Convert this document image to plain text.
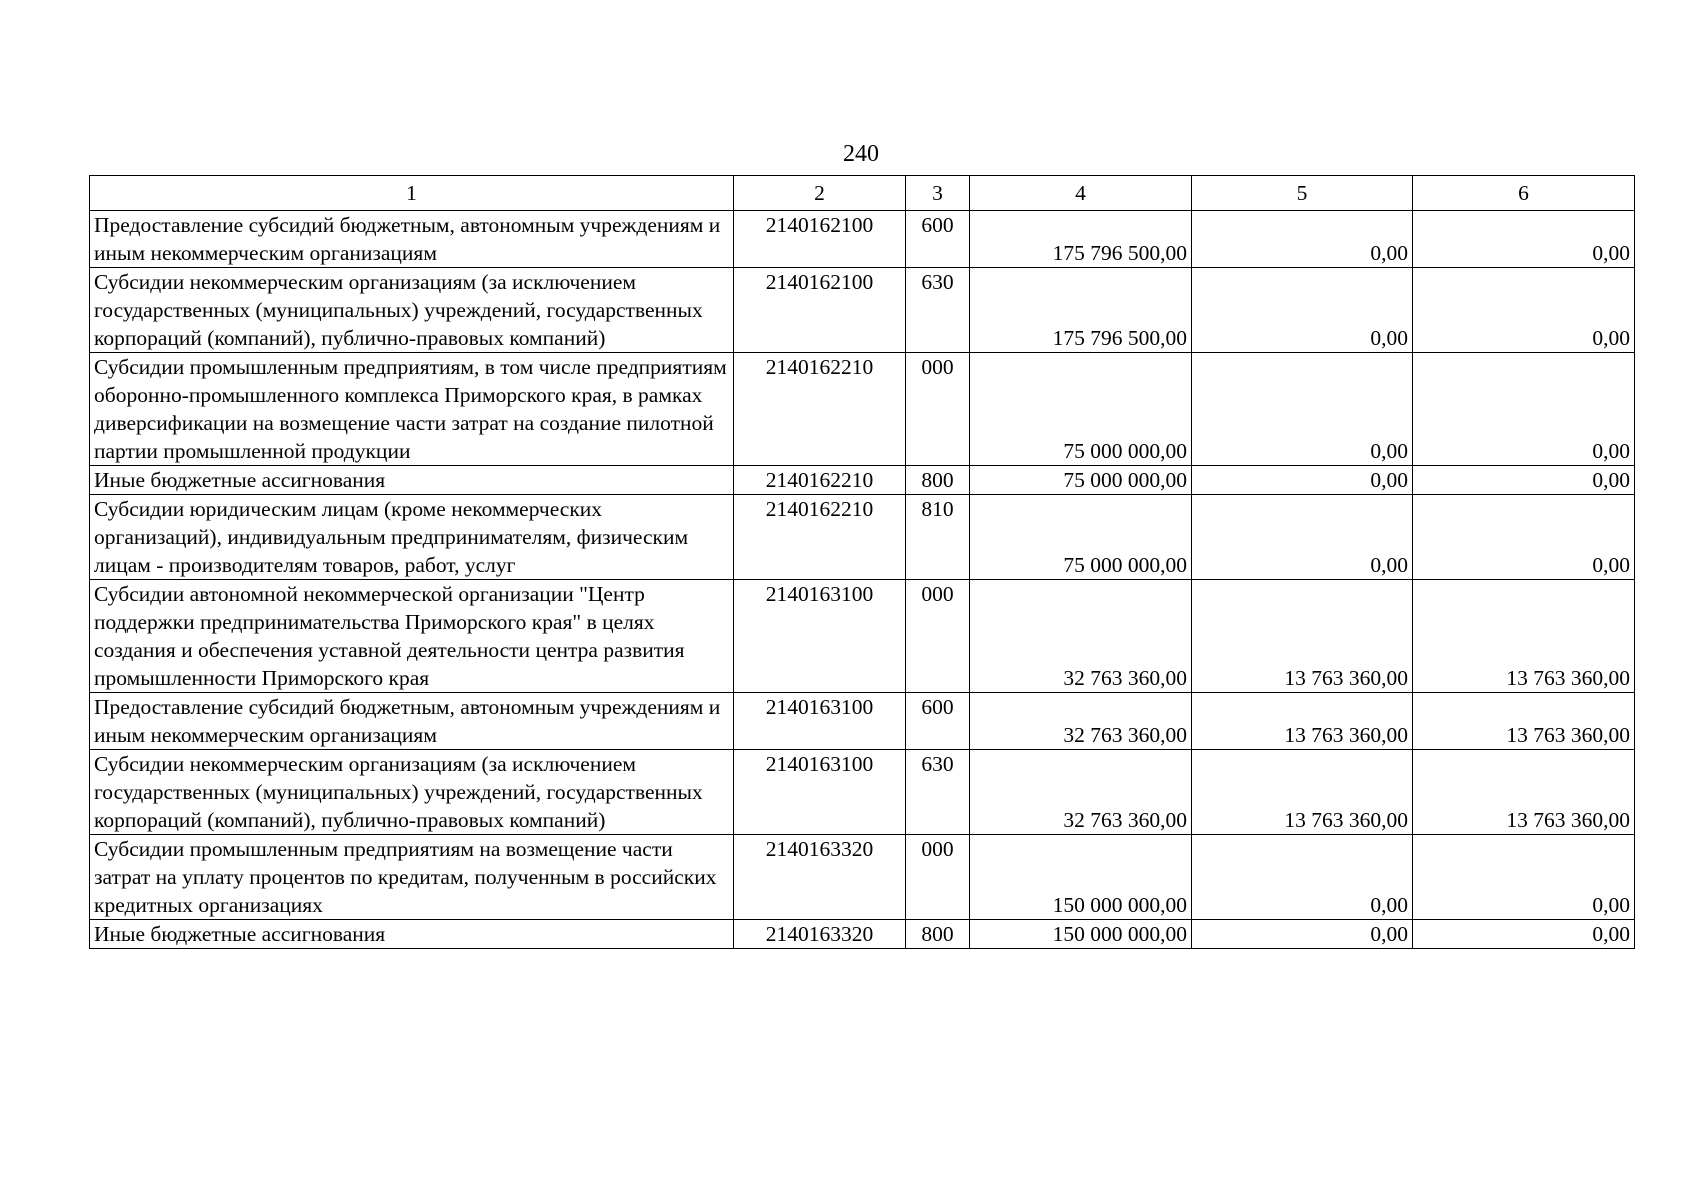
240
1	2	3	4	5	6
Предоставление субсидий бюджетным, автономным учреждениям и иным некоммерческим организациям	2140162100	600	175 796 500,00	0,00	0,00
Субсидии некоммерческим организациям (за исключением государственных (муниципальных) учреждений, государственных корпораций (компаний), публично-правовых компаний)	2140162100	630	175 796 500,00	0,00	0,00
Субсидии промышленным предприятиям, в том числе предприятиям оборонно-промышленного комплекса Приморского края, в рамках диверсификации на возмещение части затрат на создание пилотной партии промышленной продукции	2140162210	000	75 000 000,00	0,00	0,00
Иные бюджетные ассигнования	2140162210	800	75 000 000,00	0,00	0,00
Субсидии юридическим лицам (кроме некоммерческих организаций), индивидуальным предпринимателям, физическим лицам - производителям товаров, работ, услуг	2140162210	810	75 000 000,00	0,00	0,00
Субсидии автономной некоммерческой организации "Центр поддержки предпринимательства Приморского края" в целях создания и обеспечения уставной деятельности центра развития промышленности Приморского края	2140163100	000	32 763 360,00	13 763 360,00	13 763 360,00
Предоставление субсидий бюджетным, автономным учреждениям и иным некоммерческим организациям	2140163100	600	32 763 360,00	13 763 360,00	13 763 360,00
Субсидии некоммерческим организациям (за исключением государственных (муниципальных) учреждений, государственных корпораций (компаний), публично-правовых компаний)	2140163100	630	32 763 360,00	13 763 360,00	13 763 360,00
Субсидии промышленным предприятиям на возмещение части затрат на уплату процентов по кредитам, полученным в российских кредитных организациях	2140163320	000	150 000 000,00	0,00	0,00
Иные бюджетные ассигнования	2140163320	800	150 000 000,00	0,00	0,00
